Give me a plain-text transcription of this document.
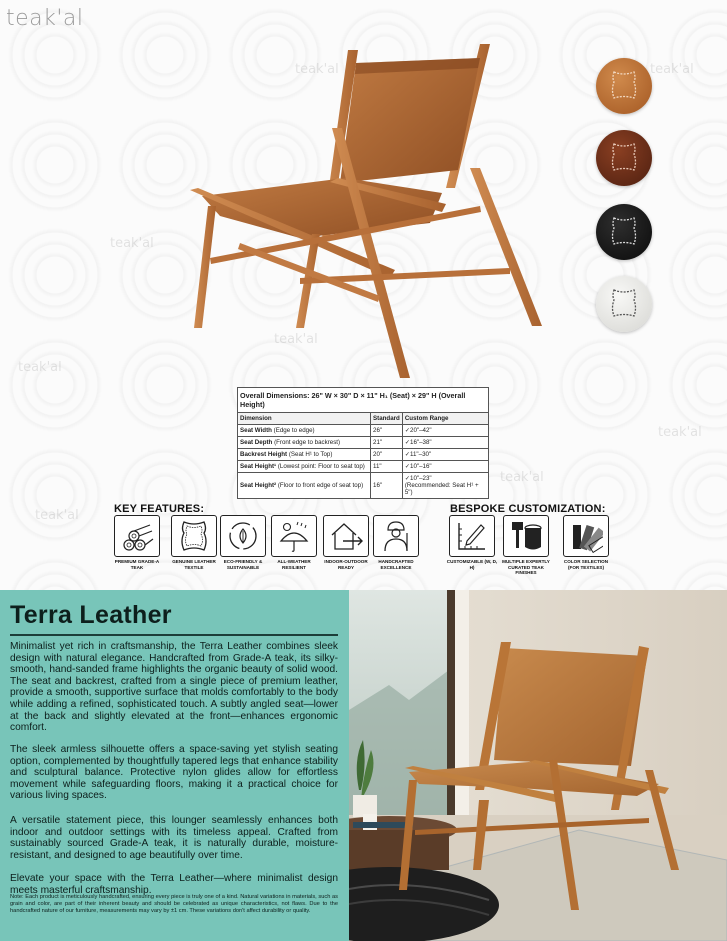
teak'al
teak'al
teak'al
teak'al
teak'al
teak'al
teak'al
teak'al
teak'al
Overall Dimensions: 26" W × 30" D × 11" H₁ (Seat) × 29" H (Overall Height)		
Dimension	Standard	Custom Range
Seat Width (Edge to edge)	26"	✓20"–42"
Seat Depth (Front edge to backrest)	21"	✓16"–38"
Backrest Height (Seat H¹ to Top)	20"	✓11"–30"
Seat Height¹ (Lowest point: Floor to seat top)	11"	✓10"–16"
Seat Height² (Floor to front edge of seat top)	16"	✓10"–23"
(Recommended: Seat H¹ + 5")
KEY FEATURES:	BESPOKE CUSTOMIZATION:
PREMIUM GRADE-A TEAK
GENUINE LEATHER TEXTILE
ECO-FRIENDLY & SUSTAINABLE
ALL-WEATHER RESILIENT
INDOOR-OUTDOOR READY
HANDCRAFTED EXCELLENCE
CUSTOMIZABLE (W, D, H)
MULTIPLE EXPERTLY CURATED TEAK FINISHES
COLOR SELECTION (FOR TEXTILES)
Terra Leather

Minimalist yet rich in craftsmanship, the Terra Leather combines sleek design with natural elegance. Handcrafted from Grade-A teak, its silky-smooth, hand-sanded frame highlights the organic beauty of solid wood. The seat and backrest, crafted from a single piece of premium leather, provide a smooth, supportive surface that molds comfortably to the body while adding a refined, sophisticated touch. A subtly angled seat—lower at the back and slightly elevated at the front—enhances ergonomic comfort.

The sleek armless silhouette offers a space-saving yet stylish seating option, complemented by thoughtfully tapered legs that enhance stability and sculptural balance. Protective nylon glides allow for effortless movement while safeguarding floors, making it a practical choice for various living spaces.

A versatile statement piece, this lounger seamlessly enhances both indoor and outdoor settings with its timeless appeal. Crafted from sustainably sourced Grade-A teak, it is naturally durable, moisture-resistant, and designed to age beautifully over time.

Elevate your space with the Terra Leather—where minimalist design meets masterful craftsmanship.

Note: Each product is meticulously handcrafted, ensuring every piece is truly one of a kind. Natural variations in materials, such as grain and color, are part of their inherent beauty and should be celebrated as unique characteristics, not flaws. Due to the handcrafted nature of our furniture, measurements may vary by ±1 cm. These variations don't affect durability or quality.
